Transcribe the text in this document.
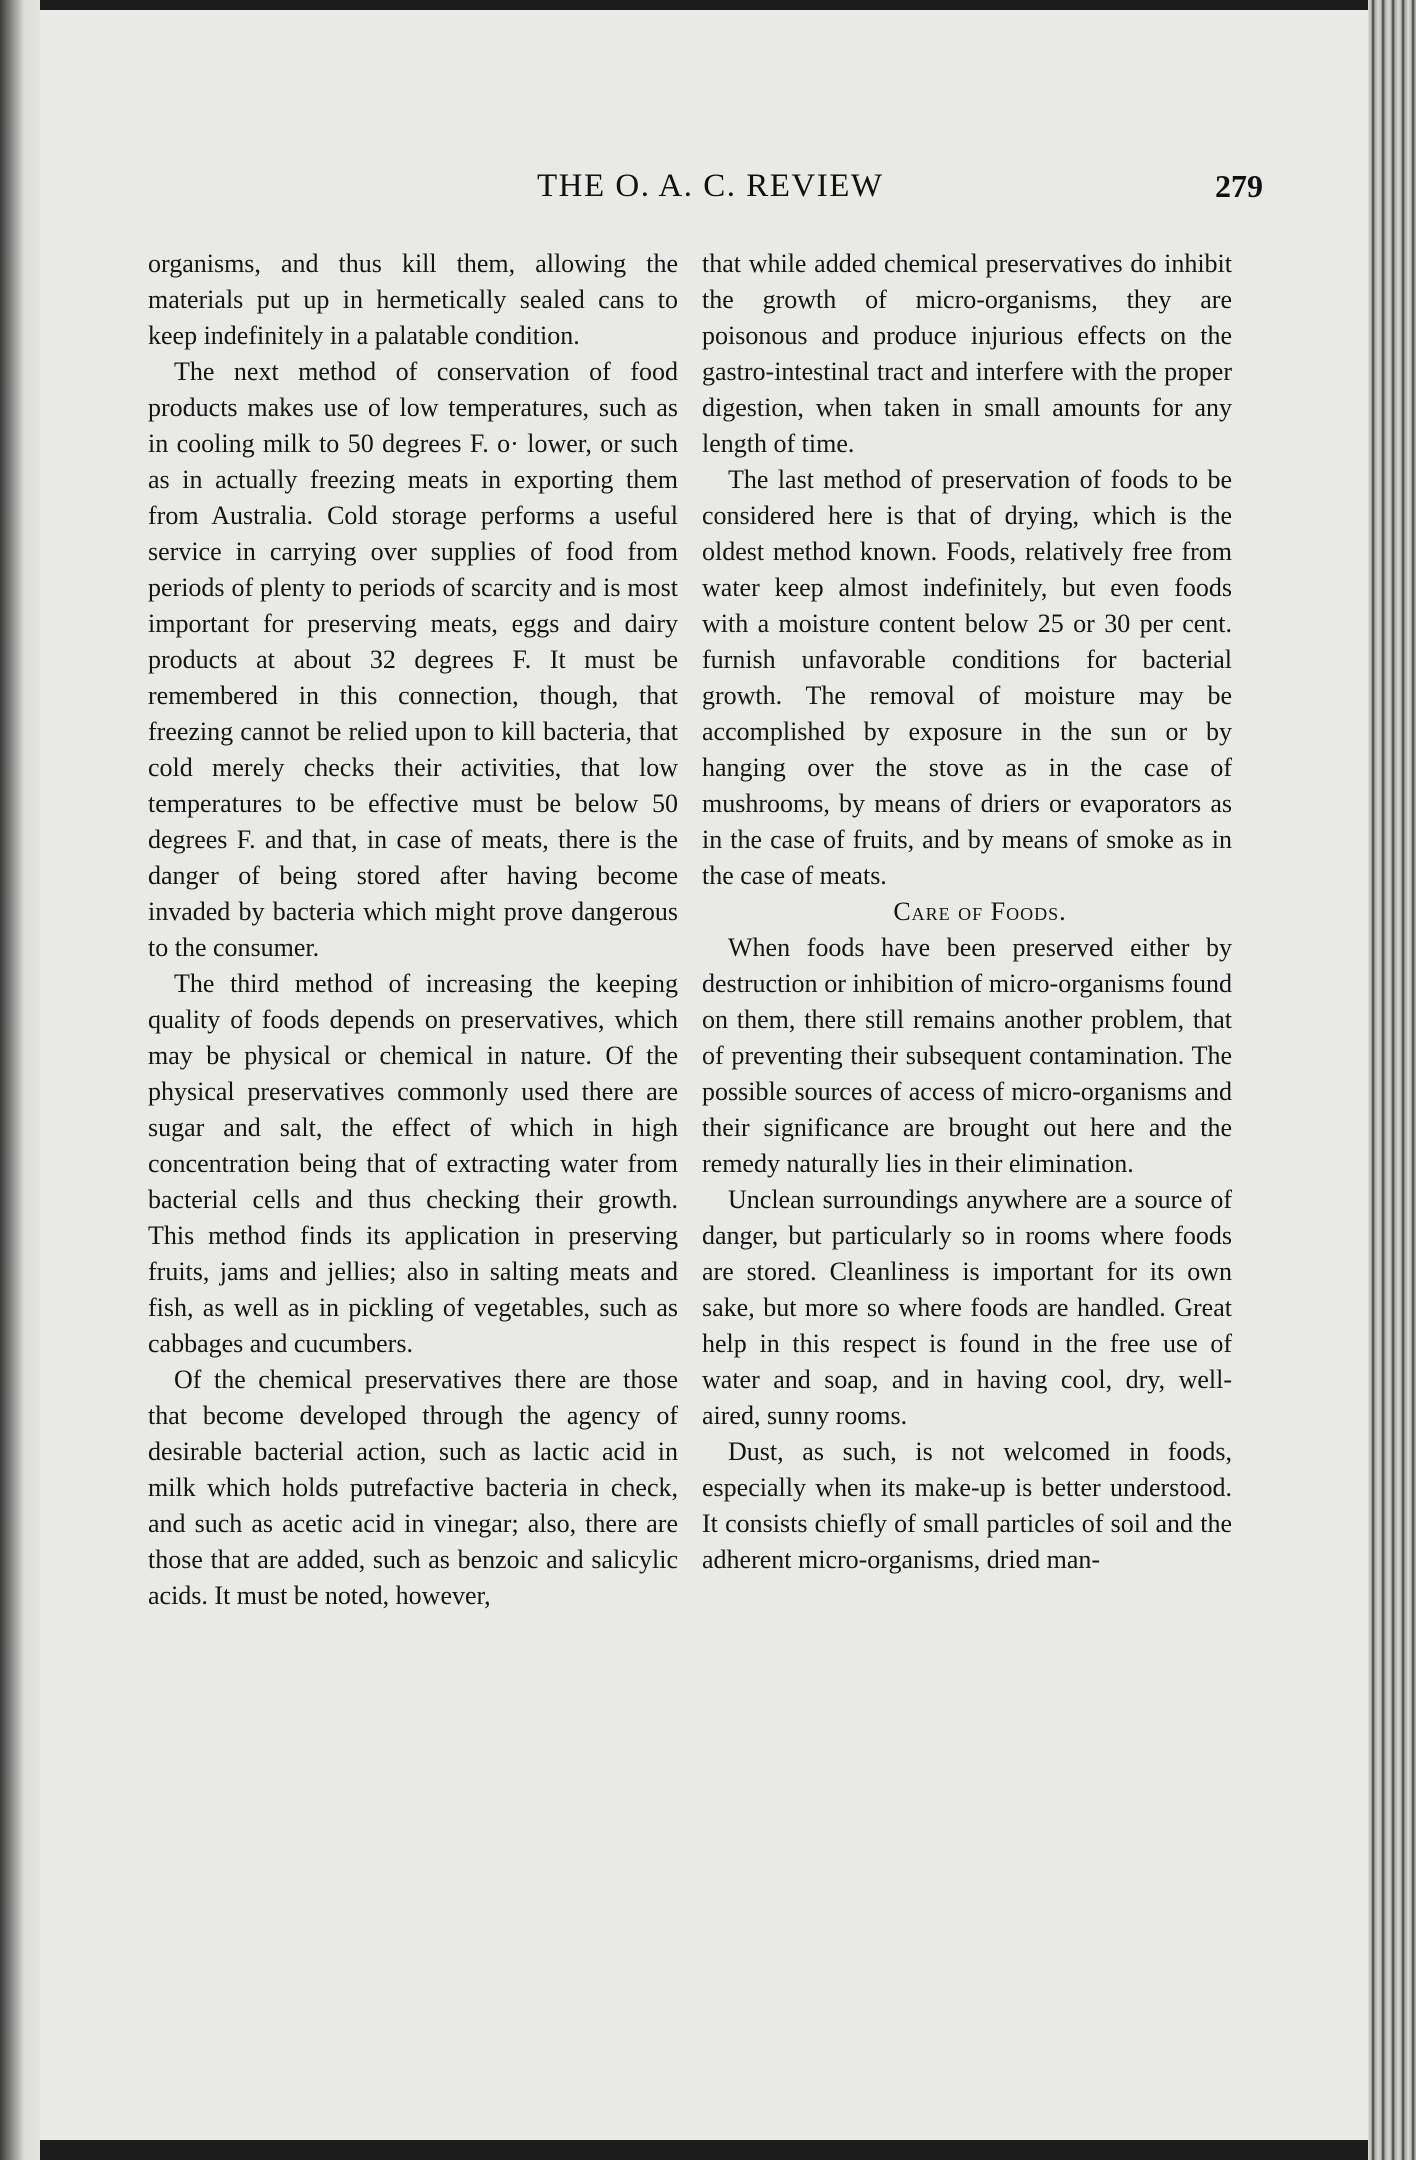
THE O. A. C. REVIEW	279

organisms, and thus kill them, allowing the materials put up in hermetically sealed cans to keep indefinitely in a palatable condition.

The next method of conservation of food products makes use of low temperatures, such as in cooling milk to 50 degrees F. o· lower, or such as in actually freezing meats in exporting them from Australia. Cold storage performs a useful service in carrying over supplies of food from periods of plenty to periods of scarcity and is most important for preserving meats, eggs and dairy products at about 32 degrees F. It must be remembered in this connection, though, that freezing cannot be relied upon to kill bacteria, that cold merely checks their activities, that low temperatures to be effective must be below 50 degrees F. and that, in case of meats, there is the danger of being stored after having become invaded by bacteria which might prove dangerous to the consumer.

The third method of increasing the keeping quality of foods depends on preservatives, which may be physical or chemical in nature. Of the physical preservatives commonly used there are sugar and salt, the effect of which in high concentration being that of extracting water from bacterial cells and thus checking their growth. This method finds its application in preserving fruits, jams and jellies; also in salting meats and fish, as well as in pickling of vegetables, such as cabbages and cucumbers.

Of the chemical preservatives there are those that become developed through the agency of desirable bacterial action, such as lactic acid in milk which holds putrefactive bacteria in check, and such as acetic acid in vinegar; also, there are those that are added, such as benzoic and salicylic acids. It must be noted, however,

that while added chemical preservatives do inhibit the growth of micro-organisms, they are poisonous and produce injurious effects on the gastro-intestinal tract and interfere with the proper digestion, when taken in small amounts for any length of time.

The last method of preservation of foods to be considered here is that of drying, which is the oldest method known. Foods, relatively free from water keep almost indefinitely, but even foods with a moisture content below 25 or 30 per cent. furnish unfavorable conditions for bacterial growth. The removal of moisture may be accomplished by exposure in the sun or by hanging over the stove as in the case of mushrooms, by means of driers or evaporators as in the case of fruits, and by means of smoke as in the case of meats.

Care of Foods.

When foods have been preserved either by destruction or inhibition of micro-organisms found on them, there still remains another problem, that of preventing their subsequent contamination. The possible sources of access of micro-organisms and their significance are brought out here and the remedy naturally lies in their elimination.

Unclean surroundings anywhere are a source of danger, but particularly so in rooms where foods are stored. Cleanliness is important for its own sake, but more so where foods are handled. Great help in this respect is found in the free use of water and soap, and in having cool, dry, well-aired, sunny rooms.

Dust, as such, is not welcomed in foods, especially when its make-up is better understood. It consists chiefly of small particles of soil and the adherent micro-organisms, dried man-
